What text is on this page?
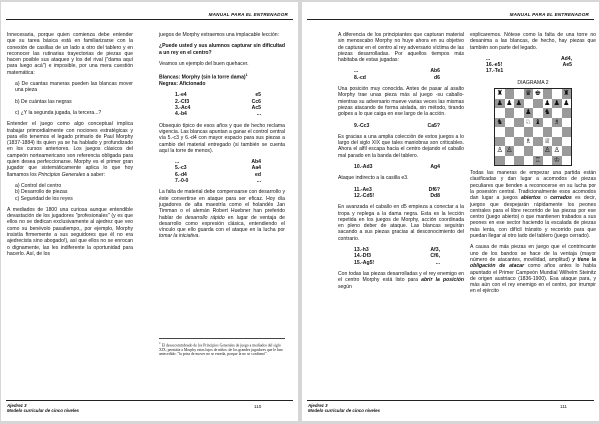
MANUAL PARA EL ENTRENADOR

Innecesaria, porque quien comienza debe entender que su tarea básica está en familiarizarse con la conexión de casillas de un lado a otro del tablero y en reconocer las rutinarias trayectorias de piezas que hacen posible sus ataques y los del rival ("dama aquí para luego acá") e imposible, por una mera cuestión matemática:

a) De cuantas maneras pueden las blancas mover una pieza

b) De cuántas las negras

c) ¿Y la segunda jugada, la tercera...?

Entender el juego como algo conceptual implica trabajar primordialmente con nociones estratégicas y para ello tenemos el legado primario de Paul Morphy (1837-1884) its quien ya se ha hablado y profundizado en los cursos anteriores. Los juegos clásicos del campeón norteamericano son referencia obligada para quien desea perfeccionarse. Morphy es el primer gran jugador que sistemáticamente aplica lo que hoy llamamos los Principios Generales a saber:

a) Control del centro
b) Desarrollo de piezas
c) Seguridad de los reyes

A mediados de 1800 una curiosa aunque entendible devastación de los jugadores "profesionales" (y es que ellos no se dedican exclusivamente al ajedrez que veo como su benévolo pasatiempo,, por ejemplo, Morphy insistía firmemente a sus seguidores que él no era ajedrecista sino abogado!), así que ellos no se enrocan o dignamente, las les indiferente la oportunidad para hacerlo. Así, de los

juegos de Morphy extraemos una implacable lección:

¿Puede usted y sus alumnos capturar sin dificultad a un rey en el centro?

Veamos un ejemplo del buen quehacer.

Blancas: Morphy (sin la torre dama)$^1$

Negras: Aficionado

1.-e4	e5
2.-Cf3	Cc6
3.-Ac4	Ac5
4.-b4	...

Obsequio típico de esos años y que de hecho reclama vigencia. Las blancas apuntan a ganar el control central vía 5.-c3 y 6.-d4 con mayor espacio para sus piezas a cambio del material entregado (si también se cuenta aquí la torre de menos).

...	Ab4
5.-c3	Aa4
6.-d4	ed
7.-0-0	...

La falta de material debe compensarse con desarrollo y éste convertirse en ataque para ser eficaz. Hoy día jugadores de alta maestría como el holandés Jan Timman o el alemán Robert Huebner han preferido hablar de desarrollo rápido en lugar de ventaja de desarrollo como expresión clásica, entendiendo el vínculo que ello guarda con el ataque en la lucha por tomar la iniciativa.

$^1$ El desacostumbrado de los Principios Generales de juego a mediados del siglo XIX, permitía a Morphy estas lujos de niños: de los grandes jugadores que le han antecedido: "la prisa de mover no se enreda, porque la no se confirmó".
Ajedrez 3
Modelo curricular de cinco niveles
110
MANUAL PARA EL ENTRENADOR

A diferencia de los principiantes que capturan material sin menoscabo Morphy no huye ahora en su objetivo de capturar en el centro al rey adversario víctima de las piezas desarrolladas. Por aquellos tiempos más habitaba de estas jugadas:

...	Ab6
8.-cd	d6

Una posición muy conocida. Antes de pasar al asalto Morphy trae unas pieza más al juego -su caballo- mientras su adversario mueve varias veces las mismas piezas atacando de forma aislada, sin método, tirando golpes a lo que caiga en ese largo de la acción.

9.-Cc3	Ca5?

Es gracias a una amplia colección de estos juegos a lo largo del siglo XIX que tales maniobras son criticables. Ahora el alfil escapa hacia el centro dejando el caballo mal parado en la banda del tablero.

10.-Ad3	Ag4

Ataque indirecto a la casilla e3.

11.-Ae3	Df6?
12.-Cd5!	Dd8

En avanzada el caballo en d5 empieza a conectar a la tropa y replega a la dama negra. Esta es la lección repetida en los juegos de Morphy, acción coordinada en pleno deber de ataque. Las blancas seguirán sacando a sus piezas gracias al desconocimiento del contrario.

13.-h3	Af3,
14.-Df3	Cf6,
15.-Ag5!	...

Con todas las piezas desarrolladas y el rey enemigo en el centro Morphy está listo para abrir la posición según

explicaremos. Nótese como la falta de una torre no desanima a las blancas, de hecho, hay piezas que también son parte del legado.

...	Ad4,
16.-e5!	Ae5
17.-Te1
DIAGRAMA 2
♜	♛ ♚	♜
♟ ♟ ♟	♟ ♟ ♟
♟ ♞
♞	♘ ♝ ♗
♗ ♕
♙ ♙	♙ ♙
♖ ♔

Todas las maneras de empezar una partida están clasificadas y dan lugar a acomodos de piezas peculiares que tienden a reconocerse en su lucha por la posesión central. Tradicionalmente esos acomodos dan lugar a juegos abiertos o cerrados es decir, juegos que despejarán rápidamente los peones centrales para el libre recorrido de las piezas por ese centro (juego abierto) o que mantienen trabados a sus peones en ese sector haciendo la escalada de piezas más lenta, con difícil tránsito y recorrido para que puedan llegar al otro lado del tablero (juego cerrado).

A causa de más piezas en juego que el contrincante uno de los bandos se hace de la ventaja (mayor número de atacantes, movilidad, amplitud) y tiene la obligación de atacar como años antes lo había apuntado el Primer Campeón Mundial Wilhelm Steinitz de origen austriaco (1836-1900). Esa ataque para, y más aún con el rey enemigo en el centro, por irrumpir en el ejército

Ajedrez 3
Modelo curricular de cinco niveles
111
